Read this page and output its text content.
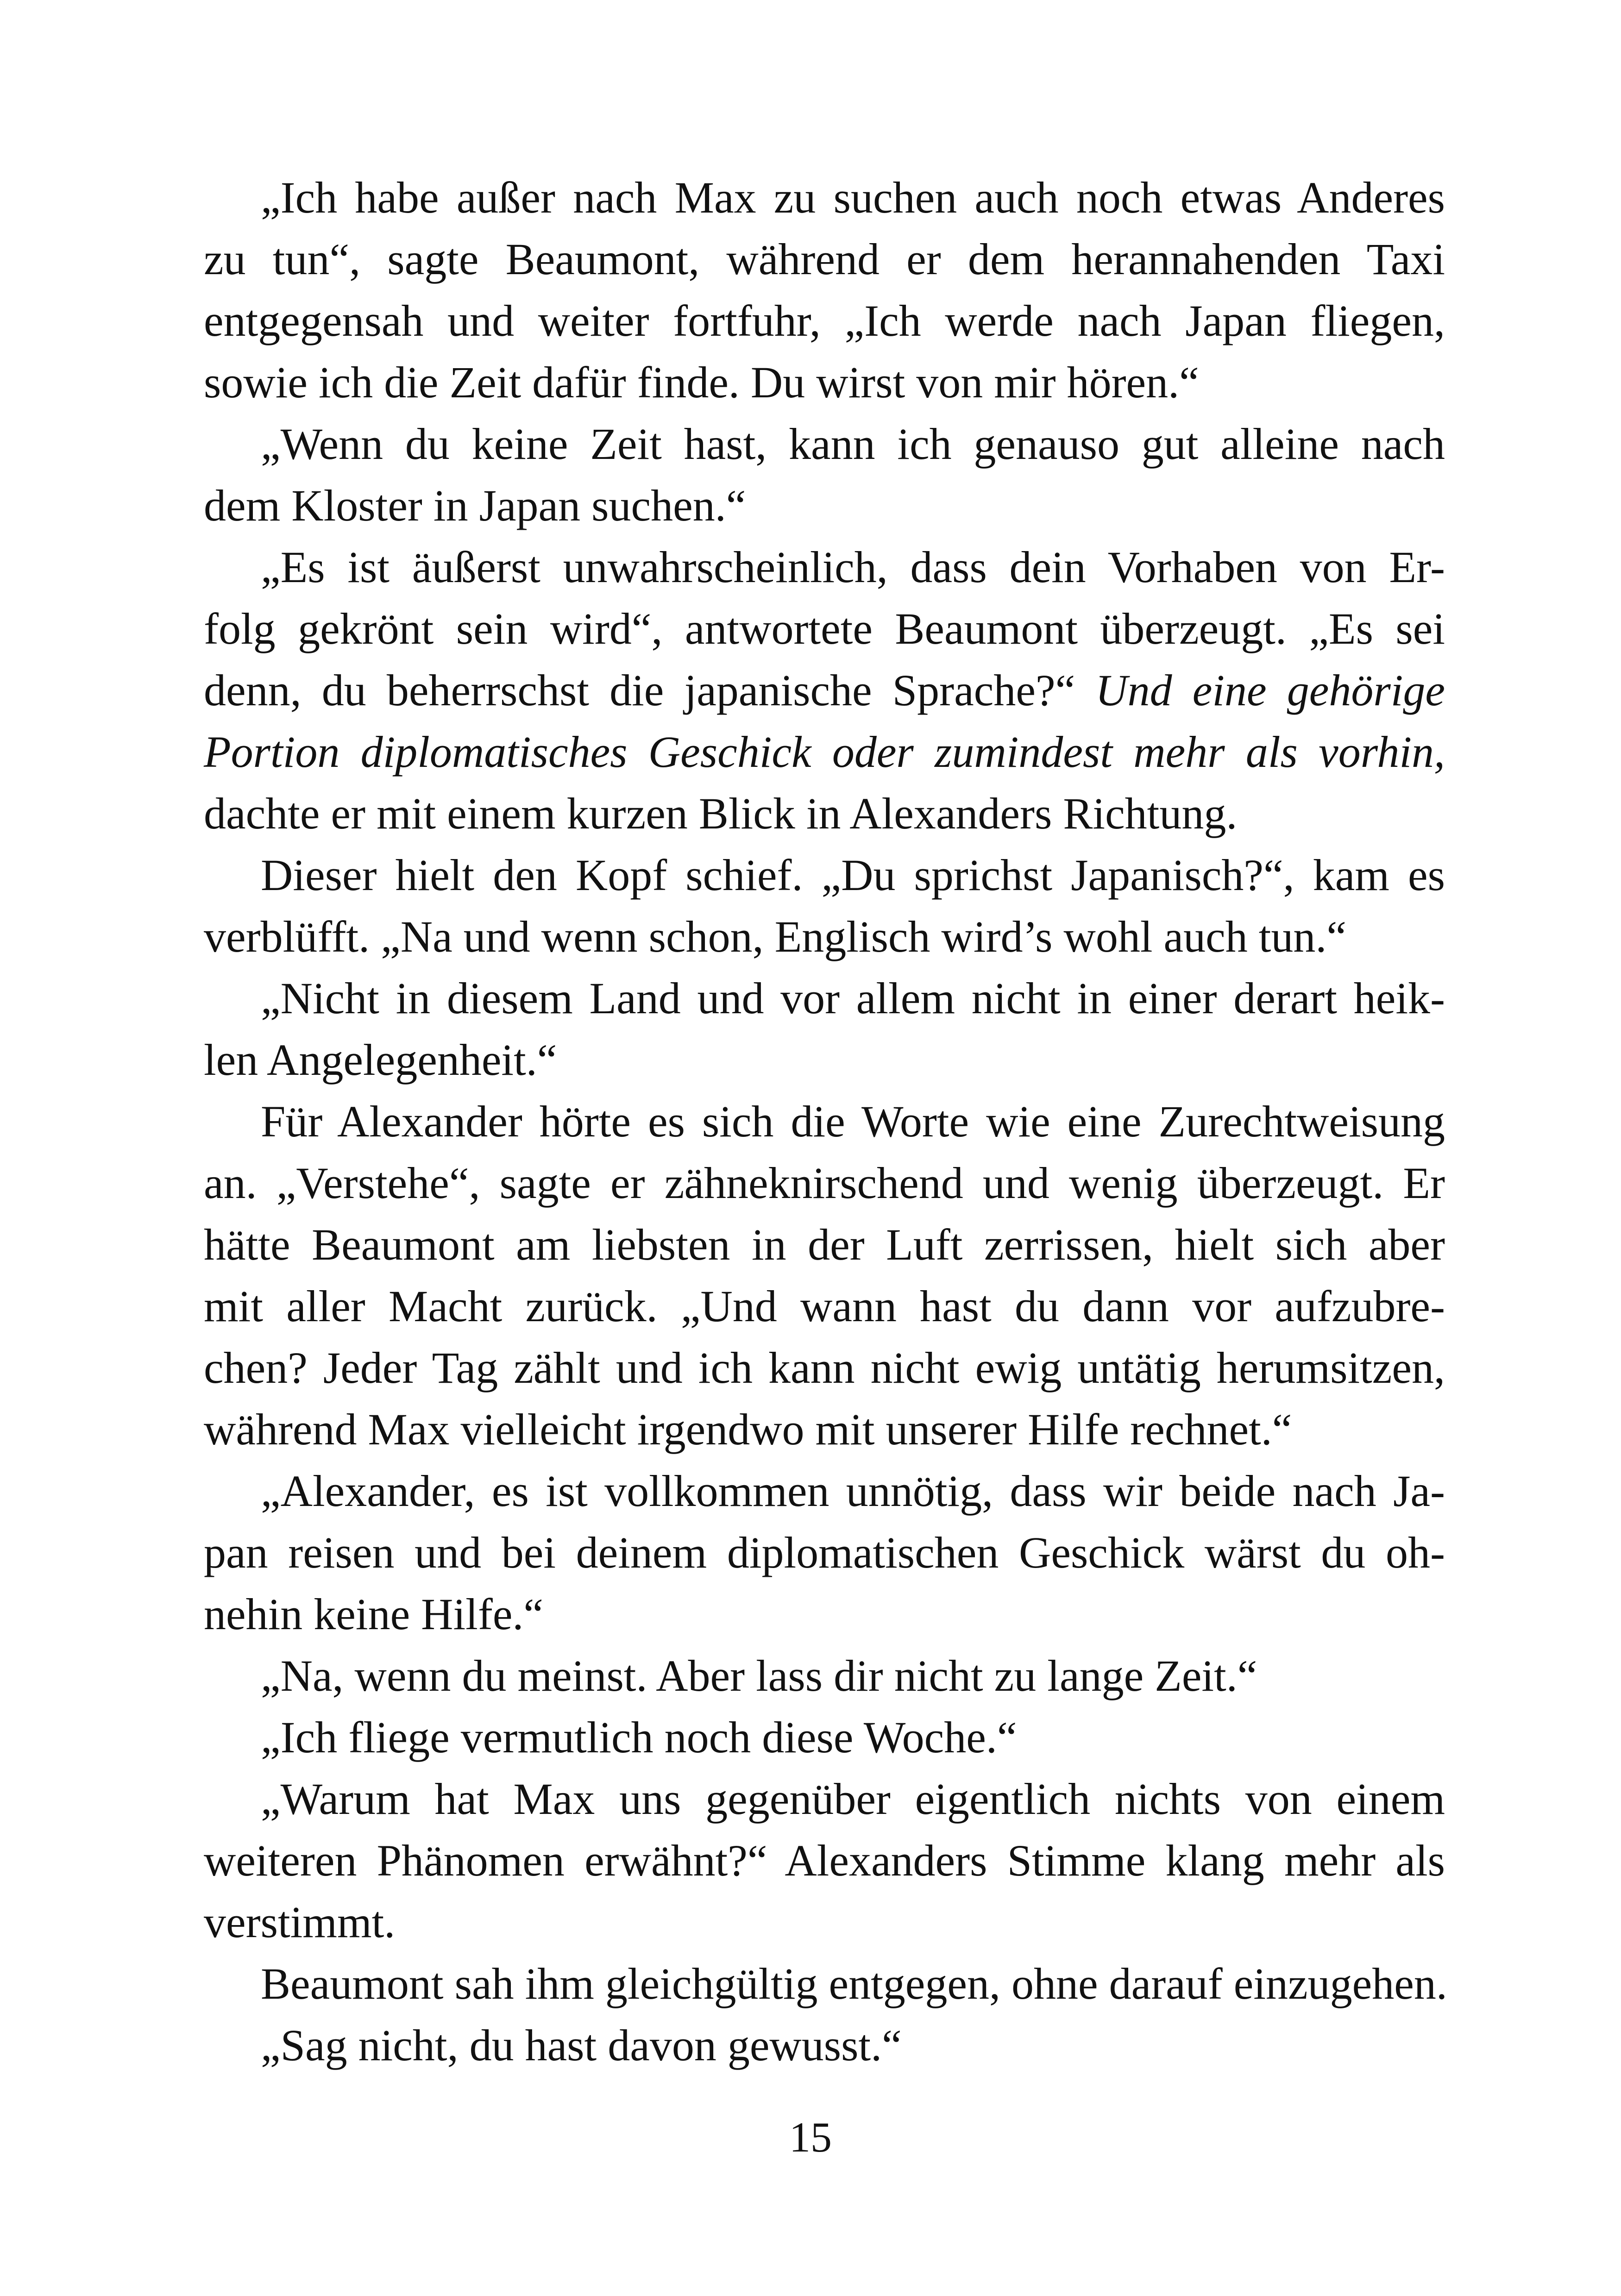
„Ich habe außer nach Max zu suchen auch noch etwas Anderes
zu tun“, sagte Beaumont, während er dem herannahenden Taxi
entgegensah und weiter fortfuhr, „Ich werde nach Japan fliegen,
sowie ich die Zeit dafür finde. Du wirst von mir hören.“
„Wenn du keine Zeit hast, kann ich genauso gut alleine nach
dem Kloster in Japan suchen.“
„Es ist äußerst unwahrscheinlich, dass dein Vorhaben von Er-
folg gekrönt sein wird“, antwortete Beaumont überzeugt. „Es sei
denn, du beherrschst die japanische Sprache?“ Und eine gehörige
Portion diplomatisches Geschick oder zumindest mehr als vorhin,
dachte er mit einem kurzen Blick in Alexanders Richtung.
Dieser hielt den Kopf schief. „Du sprichst Japanisch?“, kam es
verblüfft. „Na und wenn schon, Englisch wird’s wohl auch tun.“
„Nicht in diesem Land und vor allem nicht in einer derart heik-
len Angelegenheit.“
Für Alexander hörte es sich die Worte wie eine Zurechtweisung
an. „Verstehe“, sagte er zähneknirschend und wenig überzeugt. Er
hätte Beaumont am liebsten in der Luft zerrissen, hielt sich aber
mit aller Macht zurück. „Und wann hast du dann vor aufzubre-
chen? Jeder Tag zählt und ich kann nicht ewig untätig herumsitzen,
während Max vielleicht irgendwo mit unserer Hilfe rechnet.“
„Alexander, es ist vollkommen unnötig, dass wir beide nach Ja-
pan reisen und bei deinem diplomatischen Geschick wärst du oh-
nehin keine Hilfe.“
„Na, wenn du meinst. Aber lass dir nicht zu lange Zeit.“
„Ich fliege vermutlich noch diese Woche.“
„Warum hat Max uns gegenüber eigentlich nichts von einem
weiteren Phänomen erwähnt?“ Alexanders Stimme klang mehr als
verstimmt.
Beaumont sah ihm gleichgültig entgegen, ohne darauf einzugehen.
„Sag nicht, du hast davon gewusst.“
15
